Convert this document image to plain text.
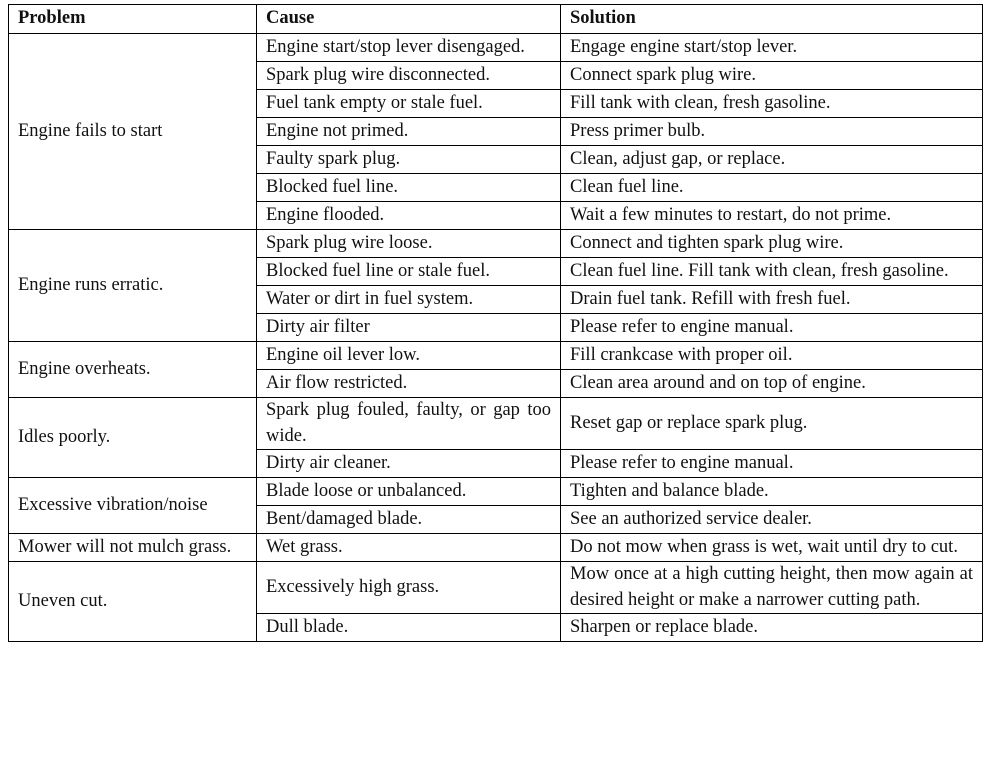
Problem	Cause	Solution
Engine fails to start	Engine start/stop lever disengaged.	Engage engine start/stop lever.
	Spark plug wire disconnected.	Connect spark plug wire.
	Fuel tank empty or stale fuel.	Fill tank with clean, fresh gasoline.
	Engine not primed.	Press primer bulb.
	Faulty spark plug.	Clean, adjust gap, or replace.
	Blocked fuel line.	Clean fuel line.
	Engine flooded.	Wait a few minutes to restart, do not prime.
Engine runs erratic.	Spark plug wire loose.	Connect and tighten spark plug wire.
	Blocked fuel line or stale fuel.	Clean fuel line. Fill tank with clean, fresh gasoline.
	Water or dirt in fuel system.	Drain fuel tank. Refill with fresh fuel.
	Dirty air filter	Please refer to engine manual.
Engine overheats.	Engine oil lever low.	Fill crankcase with proper oil.
	Air flow restricted.	Clean area around and on top of engine.
Idles poorly.	Spark plug fouled, faulty, or gap too wide.	Reset gap or replace spark plug.
	Dirty air cleaner.	Please refer to engine manual.
Excessive vibration/noise	Blade loose or unbalanced.	Tighten and balance blade.
	Bent/damaged blade.	See an authorized service dealer.
Mower will not mulch grass.	Wet grass.	Do not mow when grass is wet, wait until dry to cut.
Uneven cut.	Excessively high grass.	Mow once at a high cutting height, then mow again at desired height or make a narrower cutting path.
	Dull blade.	Sharpen or replace blade.
